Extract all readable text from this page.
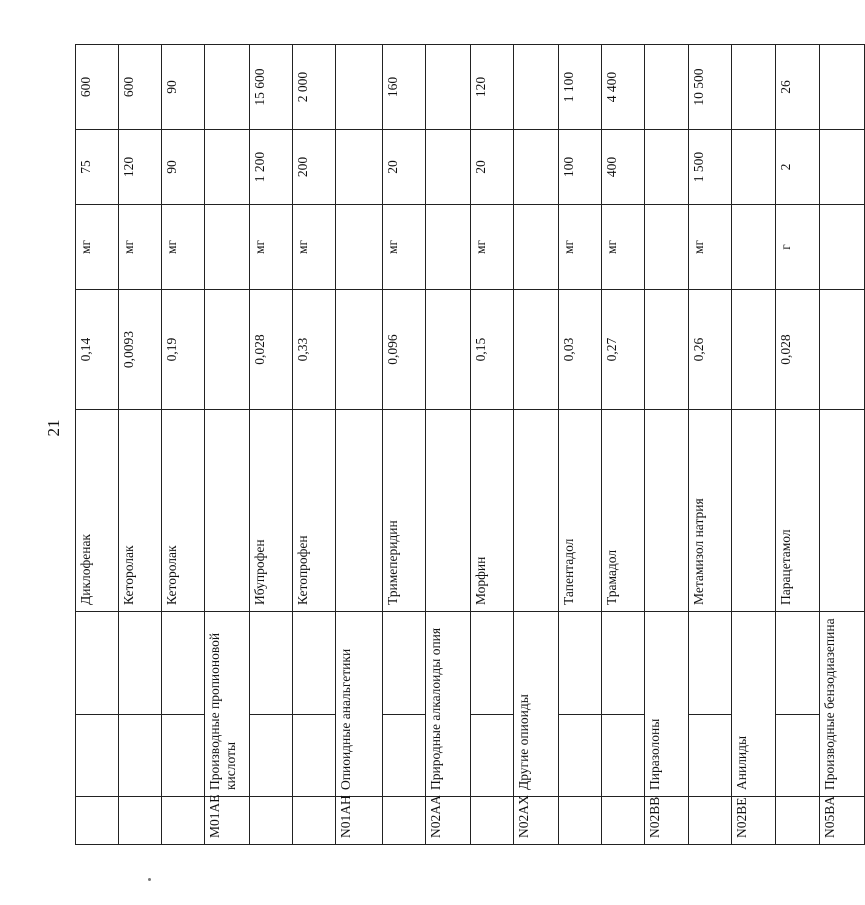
21
			Диклофенак	0,14	мг	75	600
			Кеторолак	0,0093	мг	120	600
			Кеторолак	0,19	мг	90	90
M01AE	Производные пропионовой кислоты						
			Ибупрофен	0,028	мг	1 200	15 600
			Кетопрофен	0,33	мг	200	2 000
N01AH	Опиоидные анальгетики						
			Тримеперидин	0,096	мг	20	160
N02AA	Природные алкалоиды опия						
			Морфин	0,15	мг	20	120
N02AX	Другие опиоиды						
			Тапентадол	0,03	мг	100	1 100
			Трамадол	0,27	мг	400	4 400
N02BB	Пиразолоны						
			Метамизол натрия	0,26	мг	1 500	10 500
N02BE	Анилиды						
			Парацетамол	0,028	г	2	26
N05BA	Производные бензодиазепина						
